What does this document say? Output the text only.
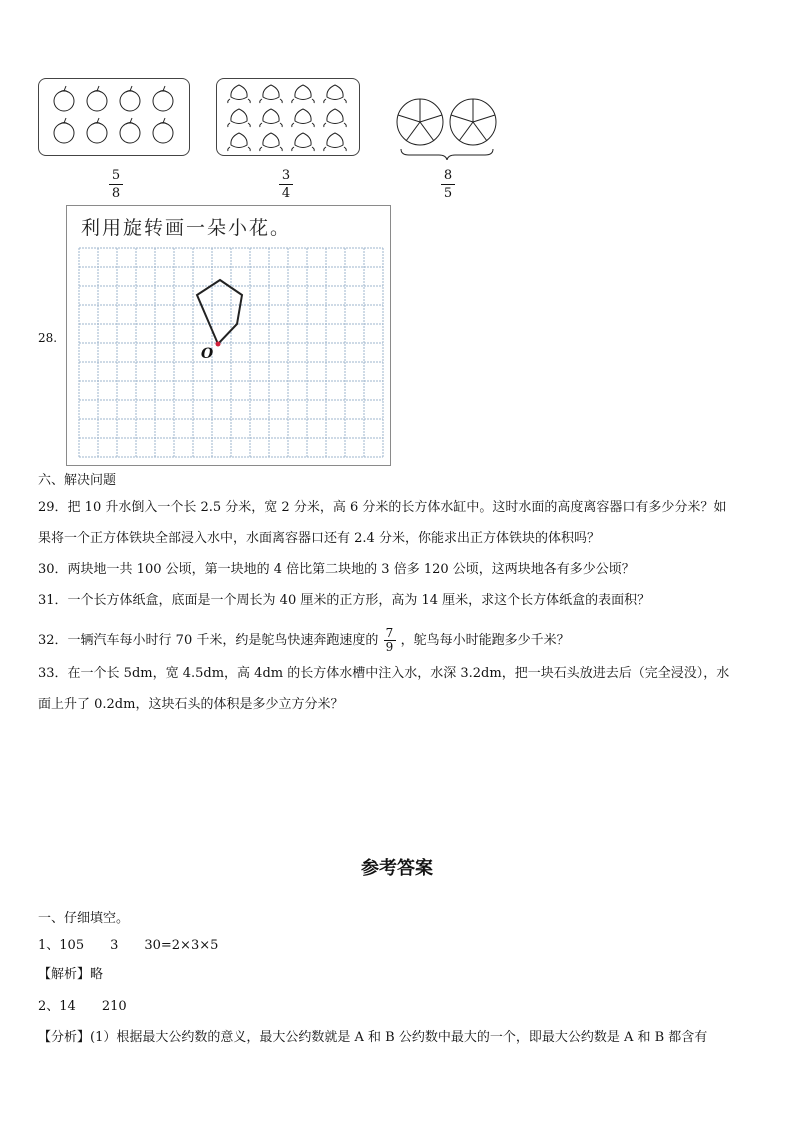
5
8
3
4
8
5
28.
利用旋转画一朵小花。
O
六、解决问题
29．把 10 升水倒入一个长 2.5 分米，宽 2 分米，高 6 分米的长方体水缸中。这时水面的高度离容器口有多少分米？如
果将一个正方体铁块全部浸入水中，水面离容器口还有 2.4 分米，你能求出正方体铁块的体积吗？
30．两块地一共 100 公顷，第一块地的 4 倍比第二块地的 3 倍多 120 公顷，这两块地各有多少公顷？
31．一个长方体纸盒，底面是一个周长为 40 厘米的正方形，高为 14 厘米，求这个长方体纸盒的表面积？
32．一辆汽车每小时行 70 千米，约是鸵鸟快速奔跑速度的 $\frac{7}{9}$ ，鸵鸟每小时能跑多少千米？
33．在一个长 5dm，宽 4.5dm，高 4dm 的长方体水槽中注入水，水深 3.2dm，把一块石头放进去后（完全浸没），水
面上升了 0.2dm，这块石头的体积是多少立方分米？
参考答案
一、仔细填空。
1、105　　3　　30=2×3×5
【解析】略
2、14　　210
【分析】(1）根据最大公约数的意义，最大公约数就是 A 和 B 公约数中最大的一个，即最大公约数是 A 和 B 都含有
